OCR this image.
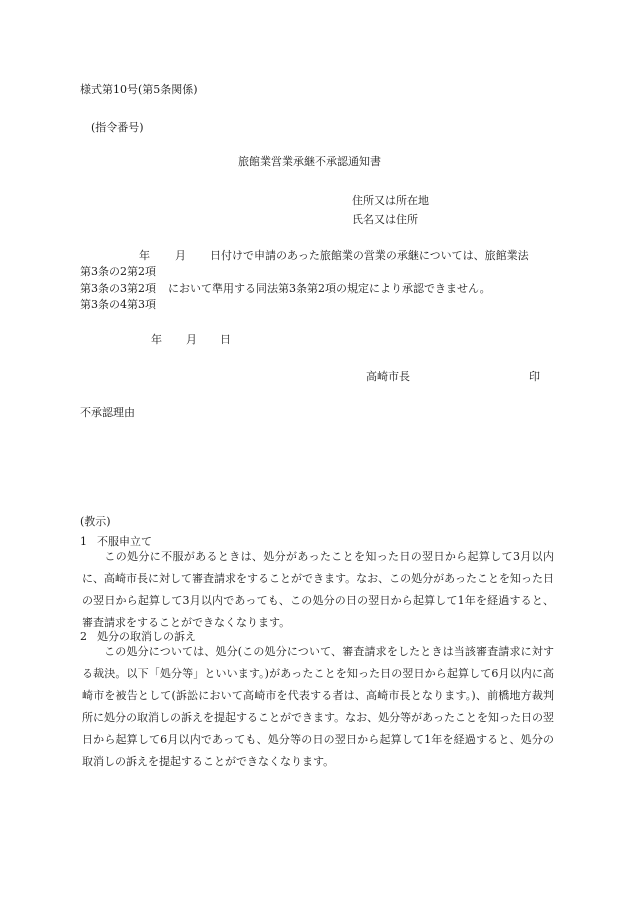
様式第10号(第5条関係)
(指令番号)
旅館業営業承継不承認通知書
住所又は所在地
氏名又は住所
年 月 日付けで申請のあった旅館業の営業の承継については、旅館業法
第3条の2第2項
第3条の3第2項 において準用する同法第3条第2項の規定により承認できません。
第3条の4第3項
年 月 日
高崎市長	印
不承認理由
(教示)
1 不服申立て
この処分に不服があるときは、処分があったことを知った日の翌日から起算して3月以内に、高崎市長に対して審査請求をすることができます。なお、この処分があったことを知った日の翌日から起算して3月以内であっても、この処分の日の翌日から起算して1年を経過すると、審査請求をすることができなくなります。
2 処分の取消しの訴え
この処分については、処分(この処分について、審査請求をしたときは当該審査請求に対する裁決。以下「処分等」といいます。)があったことを知った日の翌日から起算して6月以内に高崎市を被告として(訴訟において高崎市を代表する者は、高崎市長となります。)、前橋地方裁判所に処分の取消しの訴えを提起することができます。なお、処分等があったことを知った日の翌日から起算して6月以内であっても、処分等の日の翌日から起算して1年を経過すると、処分の取消しの訴えを提起することができなくなります。
